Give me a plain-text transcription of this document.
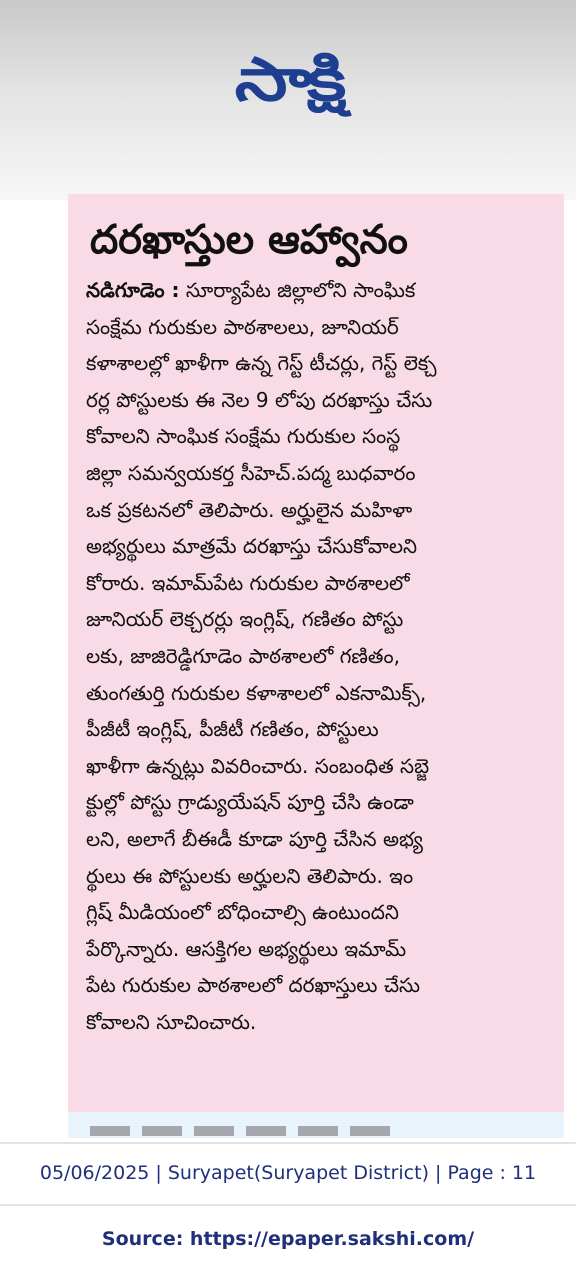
సాక్షి
దరఖాస్తుల ఆహ్వానం
నడిగూడెం : సూర్యాపేట జిల్లాలోని సాంఘిక
సంక్షేమ గురుకుల పాఠశాలలు, జూనియర్
కళాశాలల్లో ఖాళీగా ఉన్న గెస్ట్ టీచర్లు, గెస్ట్ లెక్చ
రర్ల పోస్టులకు ఈ నెల 9 లోపు దరఖాస్తు చేసు
కోవాలని సాంఘిక సంక్షేమ గురుకుల సంస్థ
జిల్లా సమన్వయకర్త సీహెచ్.పద్మ బుధవారం
ఒక ప్రకటనలో తెలిపారు. అర్హులైన మహిళా
అభ్యర్థులు మాత్రమే దరఖాస్తు చేసుకోవాలని
కోరారు. ఇమామ్‌పేట గురుకుల పాఠశాలలో
జూనియర్ లెక్చరర్లు ఇంగ్లిష్, గణితం పోస్టు
లకు, జాజిరెడ్డిగూడెం పాఠశాలలో గణితం,
తుంగతుర్తి గురుకుల కళాశాలలో ఎకనామిక్స్,
పీజీటీ ఇంగ్లిష్, పీజీటీ గణితం, పోస్టులు
ఖాళీగా ఉన్నట్లు వివరించారు. సంబంధిత సబ్జె
క్టుల్లో పోస్టు గ్రాడ్యుయేషన్ పూర్తి చేసి ఉండా
లని, అలాగే బీఈడీ కూడా పూర్తి చేసిన అభ్య
ర్థులు ఈ పోస్టులకు అర్హులని తెలిపారు. ఇం
గ్లిష్ మీడియంలో బోధించాల్సి ఉంటుందని
పేర్కొన్నారు. ఆసక్తిగల అభ్యర్థులు ఇమామ్
పేట గురుకుల పాఠశాలలో దరఖాస్తులు చేసు
కోవాలని సూచించారు.
05/06/2025 | Suryapet(Suryapet District) | Page : 11
Source: https://epaper.sakshi.com/
